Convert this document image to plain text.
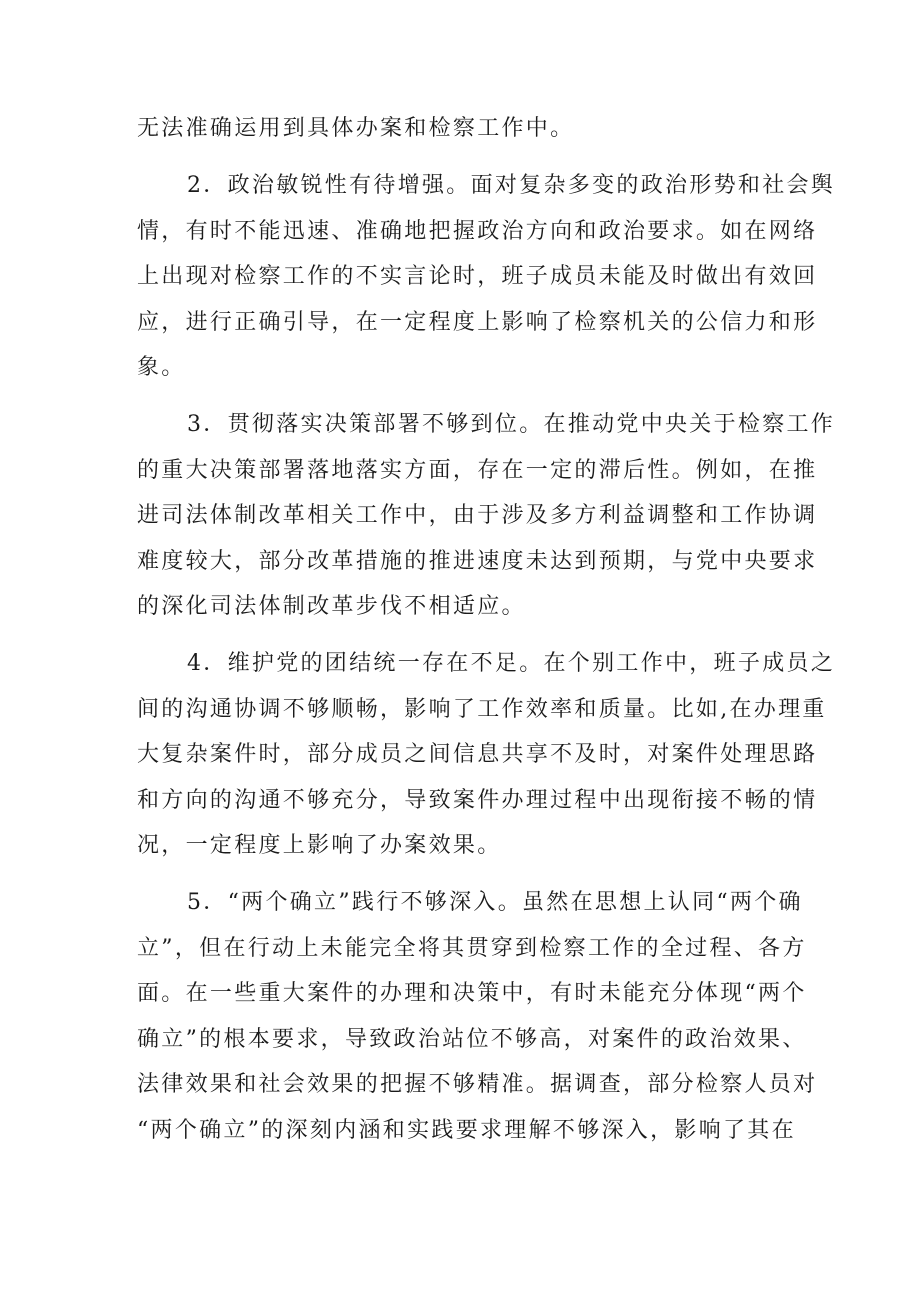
无法准确运用到具体办案和检察工作中。
2．政治敏锐性有待增强。面对复杂多变的政治形势和社会舆
情，有时不能迅速、准确地把握政治方向和政治要求。如在网络
上出现对检察工作的不实言论时，班子成员未能及时做出有效回
应，进行正确引导，在一定程度上影响了检察机关的公信力和形
象。
3．贯彻落实决策部署不够到位。在推动党中央关于检察工作
的重大决策部署落地落实方面，存在一定的滞后性。例如，在推
进司法体制改革相关工作中，由于涉及多方利益调整和工作协调
难度较大，部分改革措施的推进速度未达到预期，与党中央要求
的深化司法体制改革步伐不相适应。
4．维护党的团结统一存在不足。在个别工作中，班子成员之
间的沟通协调不够顺畅，影响了工作效率和质量。比如,在办理重
大复杂案件时，部分成员之间信息共享不及时，对案件处理思路
和方向的沟通不够充分，导致案件办理过程中出现衔接不畅的情
况，一定程度上影响了办案效果。
5．“两个确立”践行不够深入。虽然在思想上认同“两个确
立”，但在行动上未能完全将其贯穿到检察工作的全过程、各方
面。在一些重大案件的办理和决策中，有时未能充分体现“两个
确立”的根本要求，导致政治站位不够高，对案件的政治效果、
法律效果和社会效果的把握不够精准。据调查，部分检察人员对
“两个确立”的深刻内涵和实践要求理解不够深入，影响了其在
